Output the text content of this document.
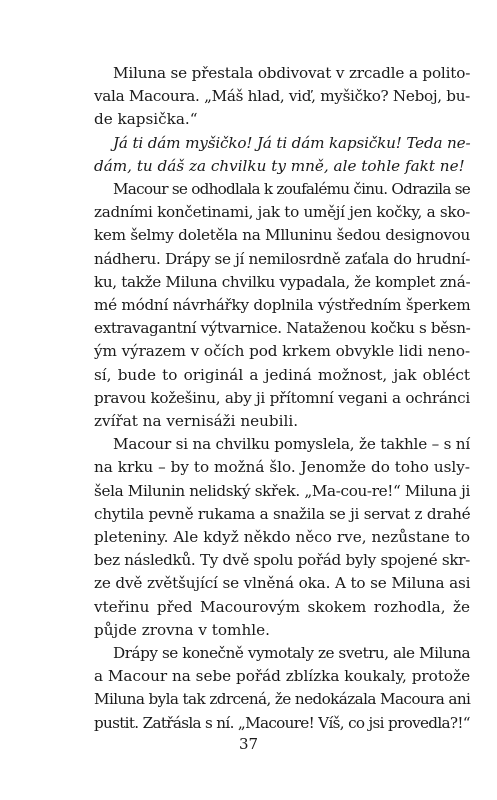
Miluna se přestala obdivovat v zrcadle a polito-
vala Macoura. „Máš hlad, viď, myšičko? Neboj, bu-
de kapsička.“
Já ti dám myšičko! Já ti dám kapsičku! Teda ne-
dám, tu dáš za chvilku ty mně, ale tohle fakt ne!
Macour se odhodlala k zoufalému činu. Odrazila se
zadními končetinami, jak to umějí jen kočky, a sko-
kem šelmy doletěla na Mlluninu šedou designovou
nádheru. Drápy se jí nemilosrdně zaťala do hrudní-
ku, takže Miluna chvilku vypadala, že komplet zná-
mé módní návrhářky doplnila výstředním šperkem
extravagantní výtvarnice. Nataženou kočku s běsn-
ým výrazem v očích pod krkem obvykle lidi neno-
sí, bude to originál a jediná možnost, jak obléct
pravou kožešinu, aby ji přítomní vegani a ochránci
zvířat na vernisáži neubili.
Macour si na chvilku pomyslela, že takhle – s ní
na krku – by to možná šlo. Jenomže do toho usly-
šela Milunin nelidský skřek. „Ma-cou-re!“ Miluna ji
chytila pevně rukama a snažila se ji servat z drahé
pleteniny. Ale když někdo něco rve, nezůstane to
bez následků. Ty dvě spolu pořád byly spojené skr-
ze dvě zvětšující se vlněná oka. A to se Miluna asi
vteřinu před Macourovým skokem rozhodla, že
půjde zrovna v tomhle.
Drápy se konečně vymotaly ze svetru, ale Miluna
a Macour na sebe pořád zblízka koukaly, protože
Miluna byla tak zdrcená, že nedokázala Macoura ani
pustit. Zatřásla s ní. „Macoure! Víš, co jsi provedla?!“
37
